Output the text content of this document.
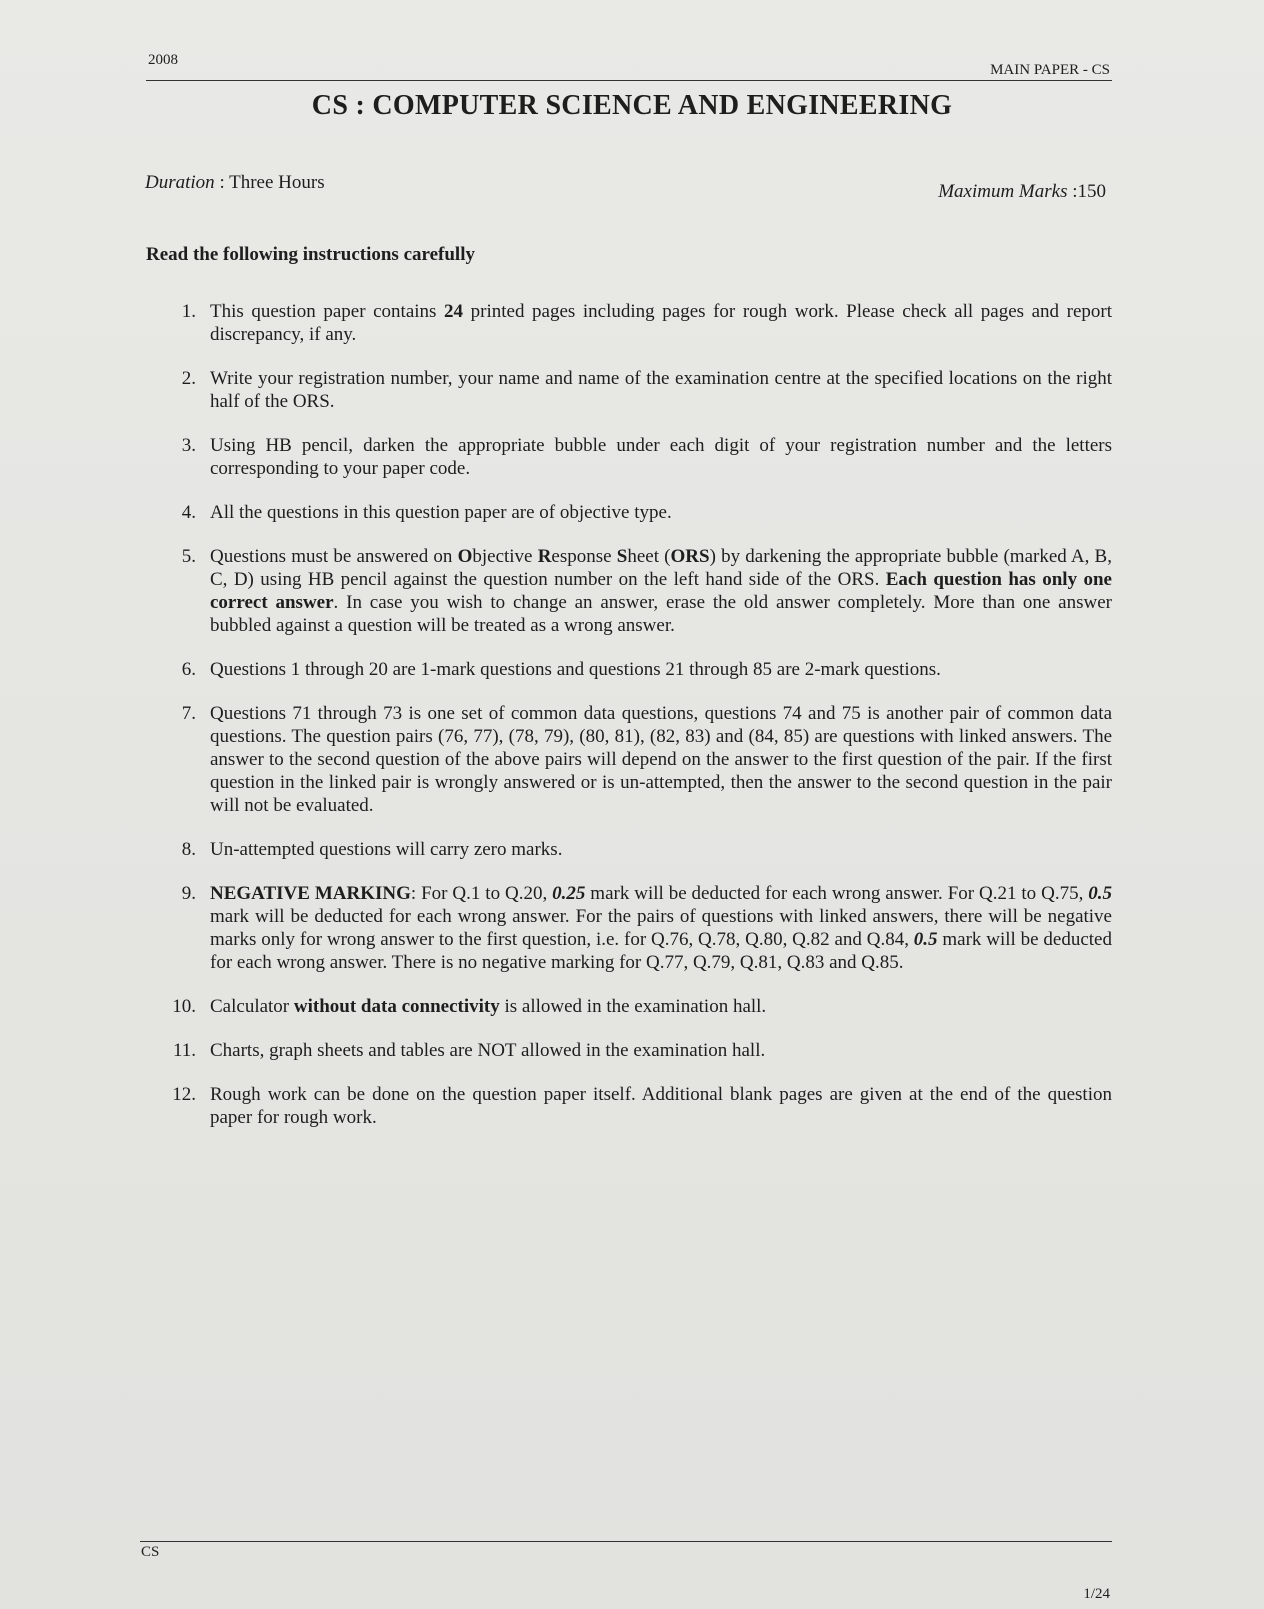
2008
MAIN PAPER - CS
CS : COMPUTER SCIENCE AND ENGINEERING
Duration : Three Hours	Maximum Marks :150
Read the following instructions carefully
1. This question paper contains 24 printed pages including pages for rough work. Please check all pages and report discrepancy, if any.
2. Write your registration number, your name and name of the examination centre at the specified locations on the right half of the ORS.
3. Using HB pencil, darken the appropriate bubble under each digit of your registration number and the letters corresponding to your paper code.
4. All the questions in this question paper are of objective type.
5. Questions must be answered on Objective Response Sheet (ORS) by darkening the appropriate bubble (marked A, B, C, D) using HB pencil against the question number on the left hand side of the ORS. Each question has only one correct answer. In case you wish to change an answer, erase the old answer completely. More than one answer bubbled against a question will be treated as a wrong answer.
6. Questions 1 through 20 are 1-mark questions and questions 21 through 85 are 2-mark questions.
7. Questions 71 through 73 is one set of common data questions, questions 74 and 75 is another pair of common data questions. The question pairs (76, 77), (78, 79), (80, 81), (82, 83) and (84, 85) are questions with linked answers. The answer to the second question of the above pairs will depend on the answer to the first question of the pair. If the first question in the linked pair is wrongly answered or is un-attempted, then the answer to the second question in the pair will not be evaluated.
8. Un-attempted questions will carry zero marks.
9. NEGATIVE MARKING: For Q.1 to Q.20, 0.25 mark will be deducted for each wrong answer. For Q.21 to Q.75, 0.5 mark will be deducted for each wrong answer. For the pairs of questions with linked answers, there will be negative marks only for wrong answer to the first question, i.e. for Q.76, Q.78, Q.80, Q.82 and Q.84, 0.5 mark will be deducted for each wrong answer. There is no negative marking for Q.77, Q.79, Q.81, Q.83 and Q.85.
10. Calculator without data connectivity is allowed in the examination hall.
11. Charts, graph sheets and tables are NOT allowed in the examination hall.
12. Rough work can be done on the question paper itself. Additional blank pages are given at the end of the question paper for rough work.
CS
1/24
